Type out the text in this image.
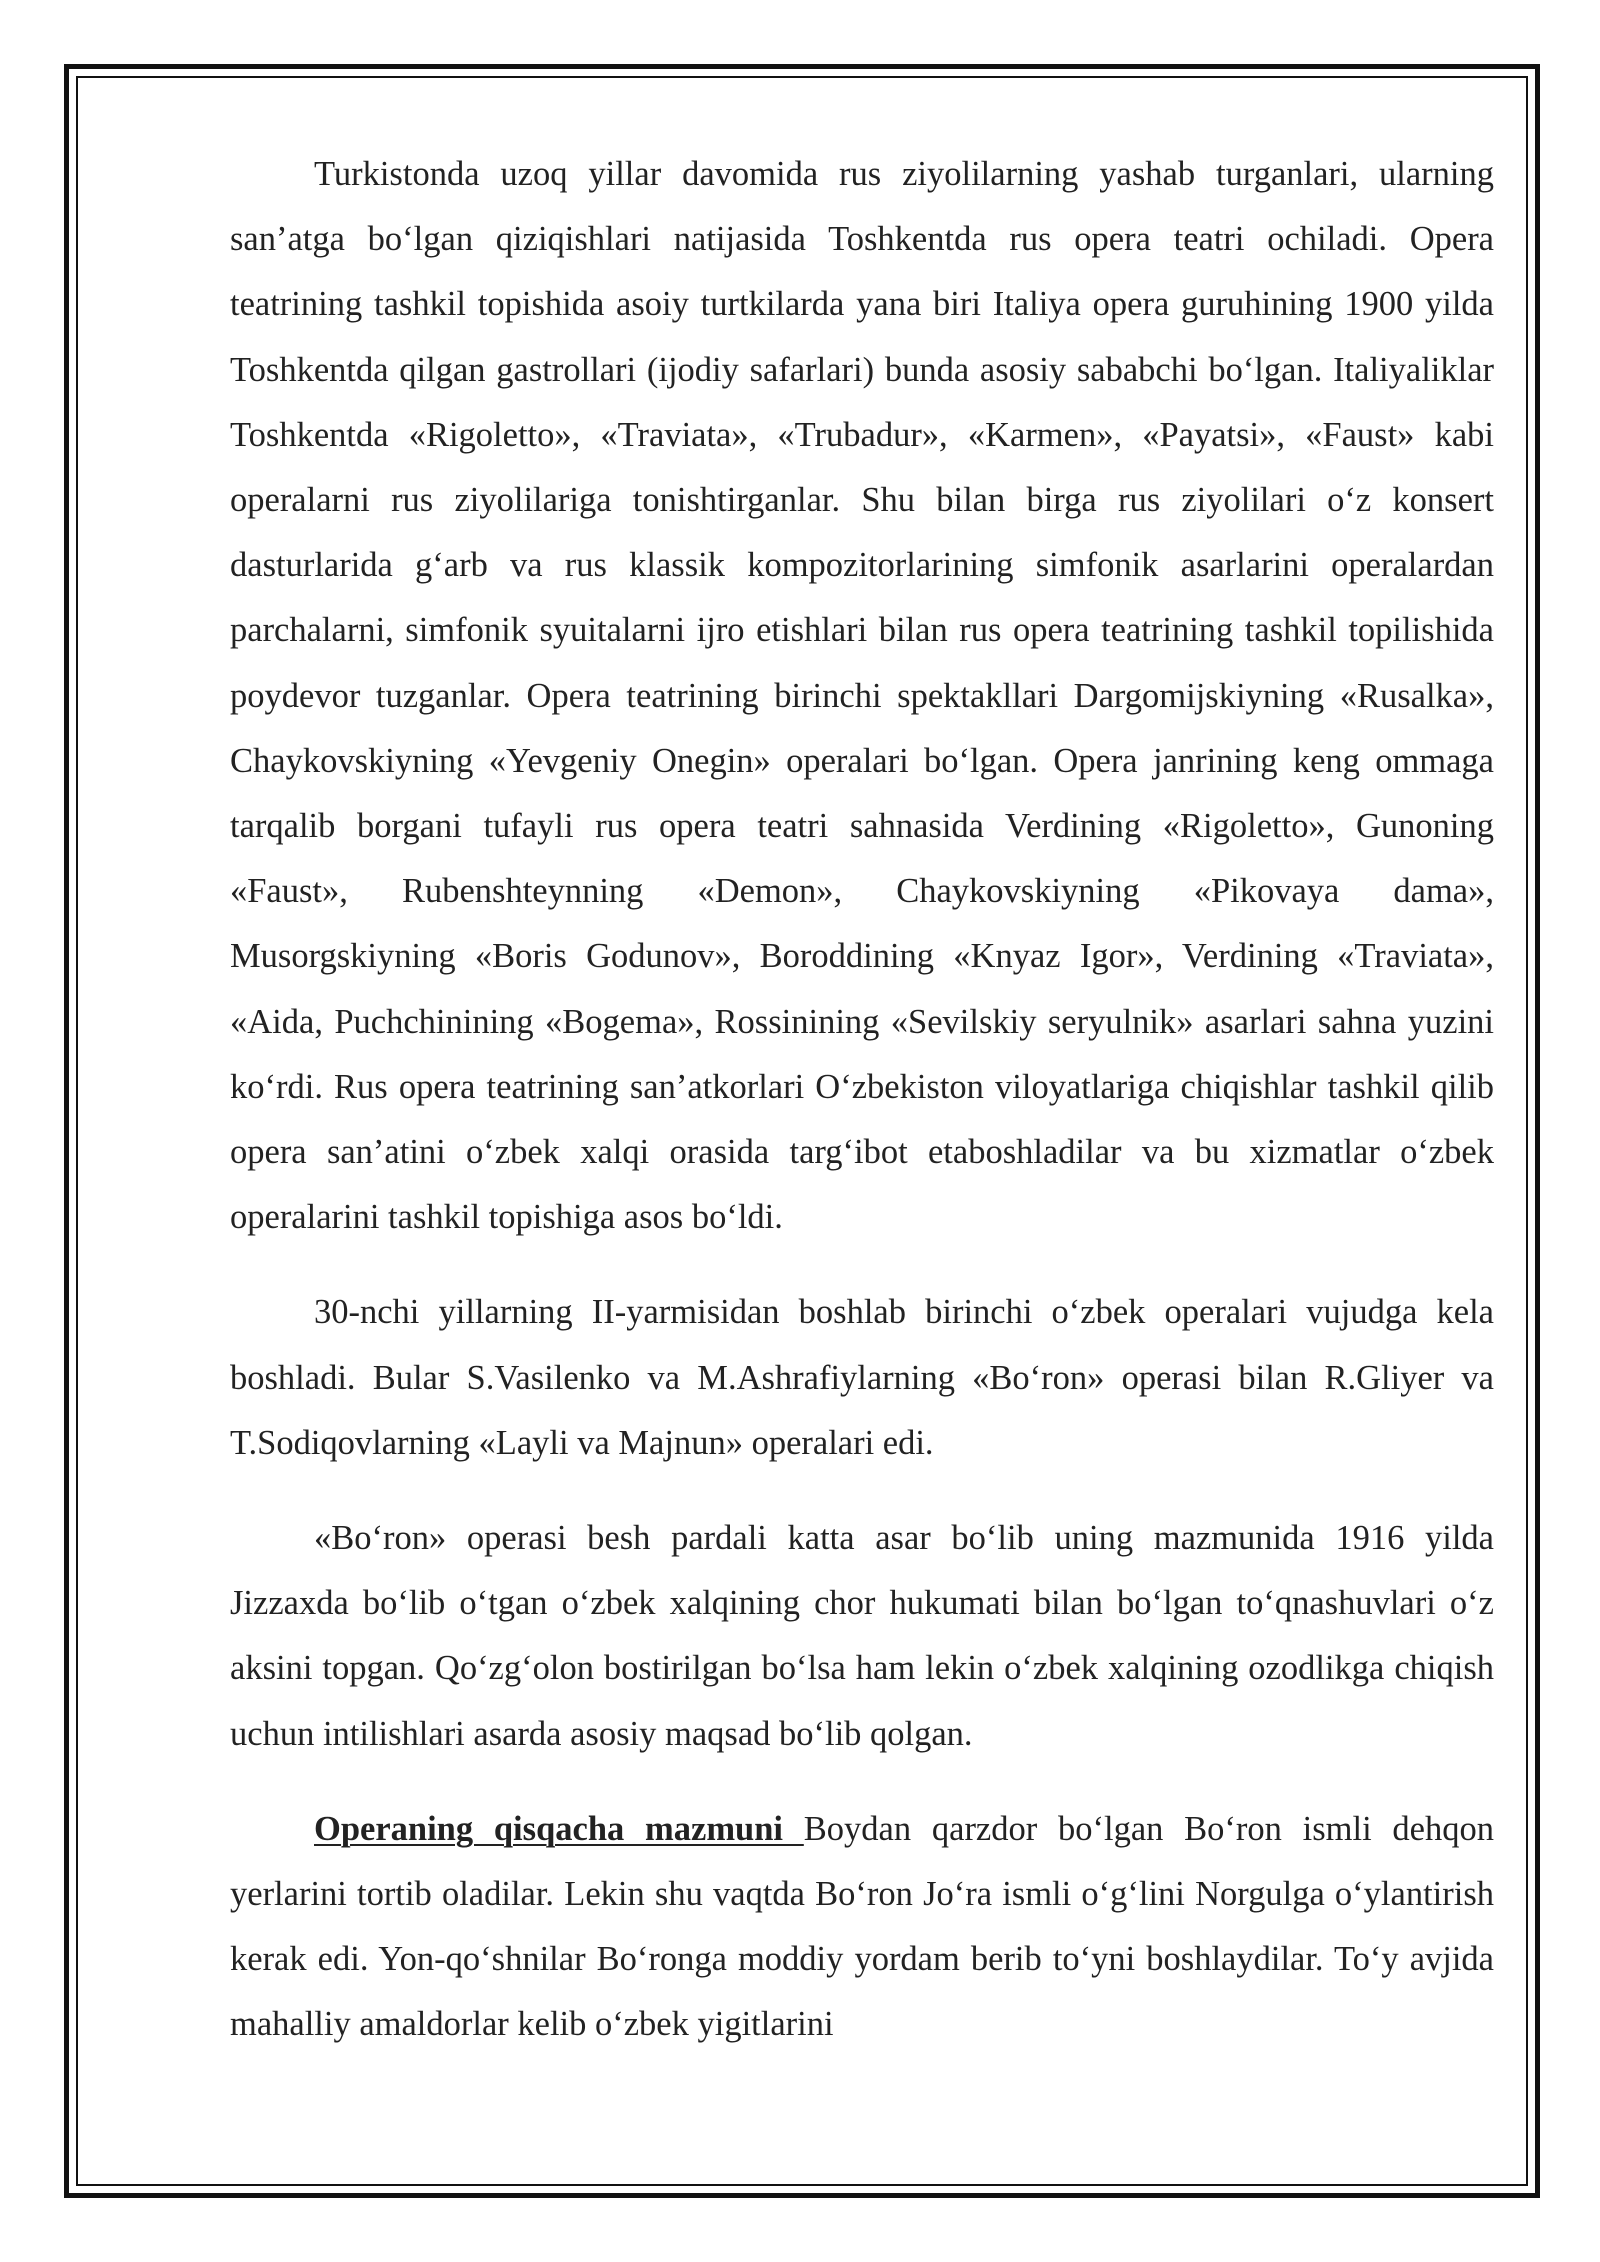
Turkistonda uzoq yillar davomida rus ziyolilarning yashab turganlari, ularning san’atga bo‘lgan qiziqishlari natijasida Toshkentda rus opera teatri ochiladi. Opera teatrining tashkil topishida asoiy turtkilarda yana biri Italiya opera guruhining 1900 yilda Toshkentda qilgan gastrollari (ijodiy safarlari) bunda asosiy sababchi bo‘lgan. Italiyaliklar Toshkentda «Rigoletto», «Traviata», «Trubadur», «Karmen», «Payatsi», «Faust» kabi operalarni rus ziyolilariga tonishtirganlar. Shu bilan birga rus ziyolilari o‘z konsert dasturlarida g‘arb va rus klassik kompozitorlarining simfonik asarlarini operalardan parchalarni, simfonik syuitalarni ijro etishlari bilan rus opera teatrining tashkil topilishida poydevor tuzganlar. Opera teatrining birinchi spektakllari Dargomijskiyning «Rusalka», Chaykovskiyning «Yevgeniy Onegin» operalari bo‘lgan. Opera janrining keng ommaga tarqalib borgani tufayli rus opera teatri sahnasida Verdining «Rigoletto», Gunoning «Faust», Rubenshteynning «Demon», Chaykovskiyning «Pikovaya dama», Musorgskiyning «Boris Godunov», Boroddining «Knyaz Igor», Verdining «Traviata», «Aida, Puchchinining «Bogema», Rossinining «Sevilskiy seryulnik» asarlari sahna yuzini ko‘rdi. Rus opera teatrining san’atkorlari O‘zbekiston viloyatlariga chiqishlar tashkil qilib opera san’atini o‘zbek xalqi orasida targ‘ibot etaboshladilar va bu xizmatlar o‘zbek operalarini tashkil topishiga asos bo‘ldi.

30-nchi yillarning II-yarmisidan boshlab birinchi o‘zbek operalari vujudga kela boshladi. Bular S.Vasilenko va M.Ashrafiylarning «Bo‘ron» operasi bilan R.Gliyer va T.Sodiqovlarning «Layli va Majnun» operalari edi.

«Bo‘ron» operasi besh pardali katta asar bo‘lib uning mazmunida 1916 yilda Jizzaxda bo‘lib o‘tgan o‘zbek xalqining chor hukumati bilan bo‘lgan to‘qnashuvlari o‘z aksini topgan. Qo‘zg‘olon bostirilgan bo‘lsa ham lekin o‘zbek xalqining ozodlikga chiqish uchun intilishlari asarda asosiy maqsad bo‘lib qolgan.

Operaning qisqacha mazmuni Boydan qarzdor bo‘lgan Bo‘ron ismli dehqon yerlarini tortib oladilar. Lekin shu vaqtda Bo‘ron Jo‘ra ismli o‘g‘lini Norgulga o‘ylantirish kerak edi. Yon-qo‘shnilar Bo‘ronga moddiy yordam berib to‘yni boshlaydilar. To‘y avjida mahalliy amaldorlar kelib o‘zbek yigitlarini
